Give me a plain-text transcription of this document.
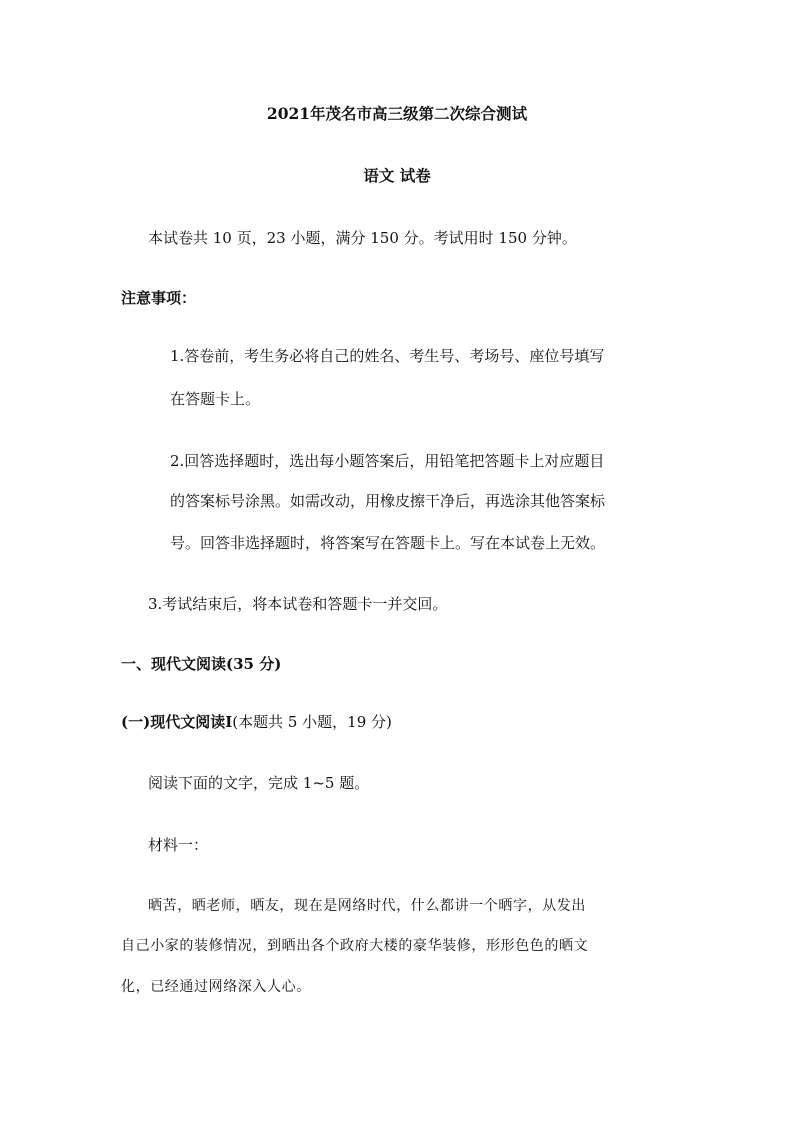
2021年茂名市高三级第二次综合测试
语文 试卷
本试卷共 10 页，23 小题，满分 150 分。考试用时 150 分钟。
注意事项：
1.答卷前，考生务必将自己的姓名、考生号、考场号、座位号填写
在答题卡上。
2.回答选择题时，选出每小题答案后，用铅笔把答题卡上对应题目
的答案标号涂黑。如需改动，用橡皮擦干净后，再选涂其他答案标
号。回答非选择题时，将答案写在答题卡上。写在本试卷上无效。
3.考试结束后，将本试卷和答题卡一并交回。
一、现代文阅读(35 分)
(一)现代文阅读Ⅰ(本题共 5 小题，19 分)
阅读下面的文字，完成 1~5 题。
材料一：
晒苦，晒老师，晒友，现在是网络时代，什么都讲一个晒字，从发出
自己小家的装修情况，到晒出各个政府大楼的豪华装修，形形色色的晒文
化，已经通过网络深入人心。
